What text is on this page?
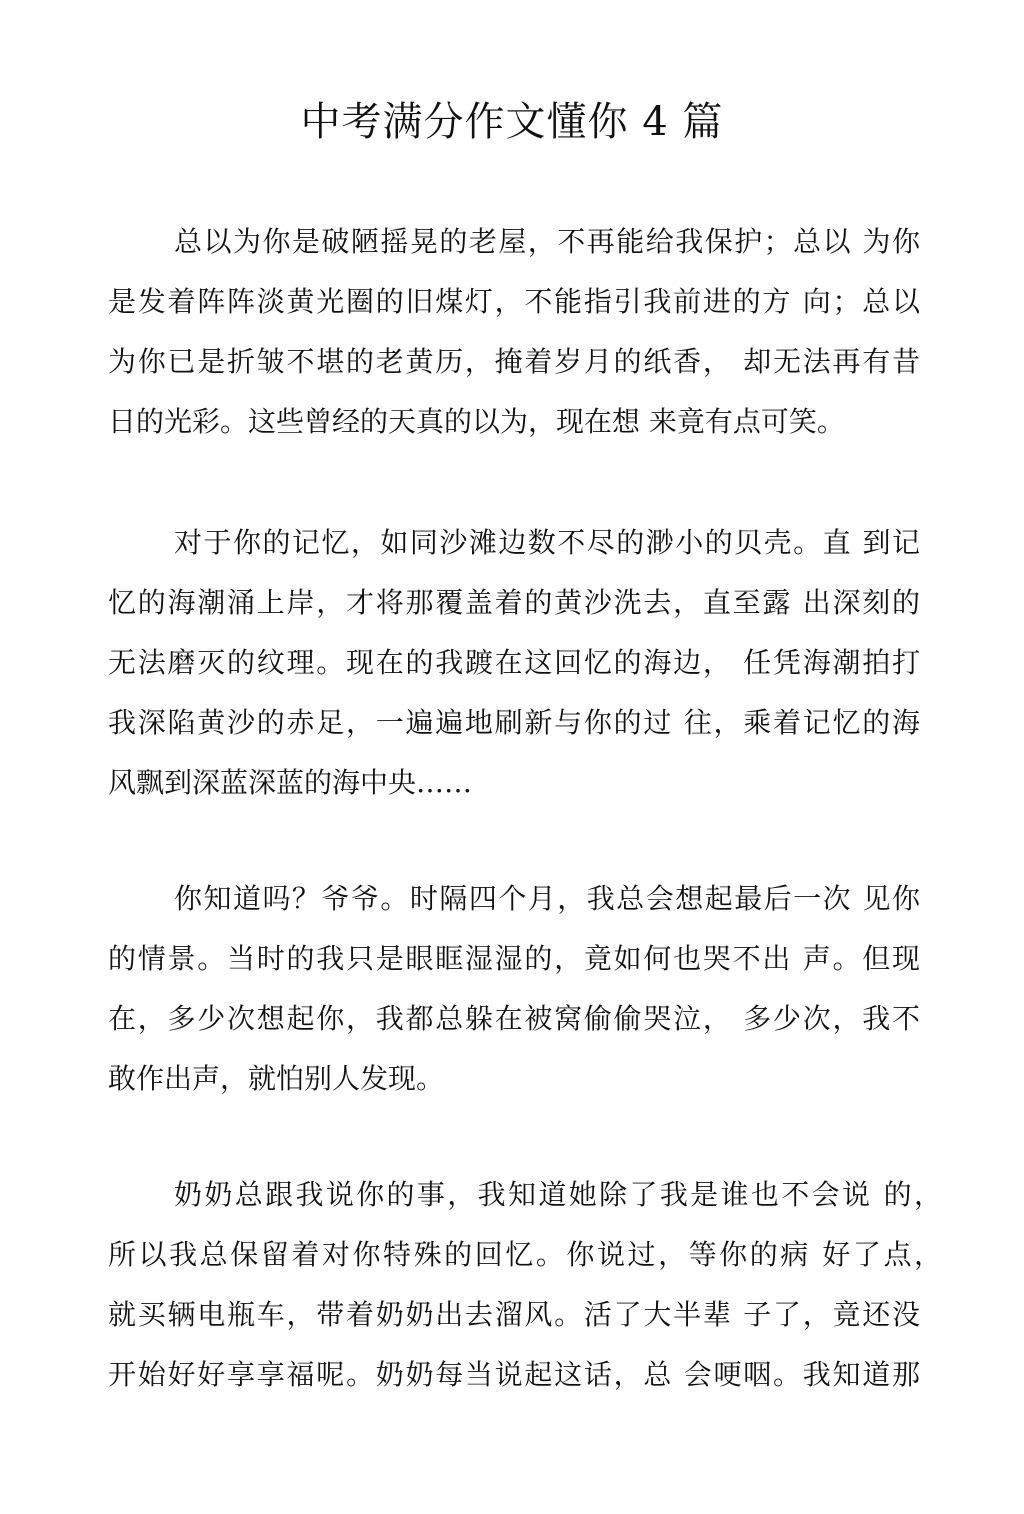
中考满分作文懂你 4 篇
总以为你是破陋摇晃的老屋，不再能给我保护；总以 为你
是发着阵阵淡黄光圈的旧煤灯，不能指引我前进的方 向；总以
为你已是折皱不堪的老黄历，掩着岁月的纸香， 却无法再有昔
日的光彩。这些曾经的天真的以为，现在想 来竟有点可笑。
对于你的记忆，如同沙滩边数不尽的渺小的贝壳。直 到记
忆的海潮涌上岸，才将那覆盖着的黄沙洗去，直至露 出深刻的
无法磨灭的纹理。现在的我踱在这回忆的海边， 任凭海潮拍打
我深陷黄沙的赤足，一遍遍地刷新与你的过 往，乘着记忆的海
风飘到深蓝深蓝的海中央……
你知道吗？爷爷。时隔四个月，我总会想起最后一次 见你
的情景。当时的我只是眼眶湿湿的，竟如何也哭不出 声。但现
在，多少次想起你，我都总躲在被窝偷偷哭泣， 多少次，我不
敢作出声，就怕别人发现。
奶奶总跟我说你的事，我知道她除了我是谁也不会说 的，
所以我总保留着对你特殊的回忆。你说过，等你的病 好了点，
就买辆电瓶车，带着奶奶出去溜风。活了大半辈 子了，竟还没
开始好好享享福呢。奶奶每当说起这话，总 会哽咽。我知道那
